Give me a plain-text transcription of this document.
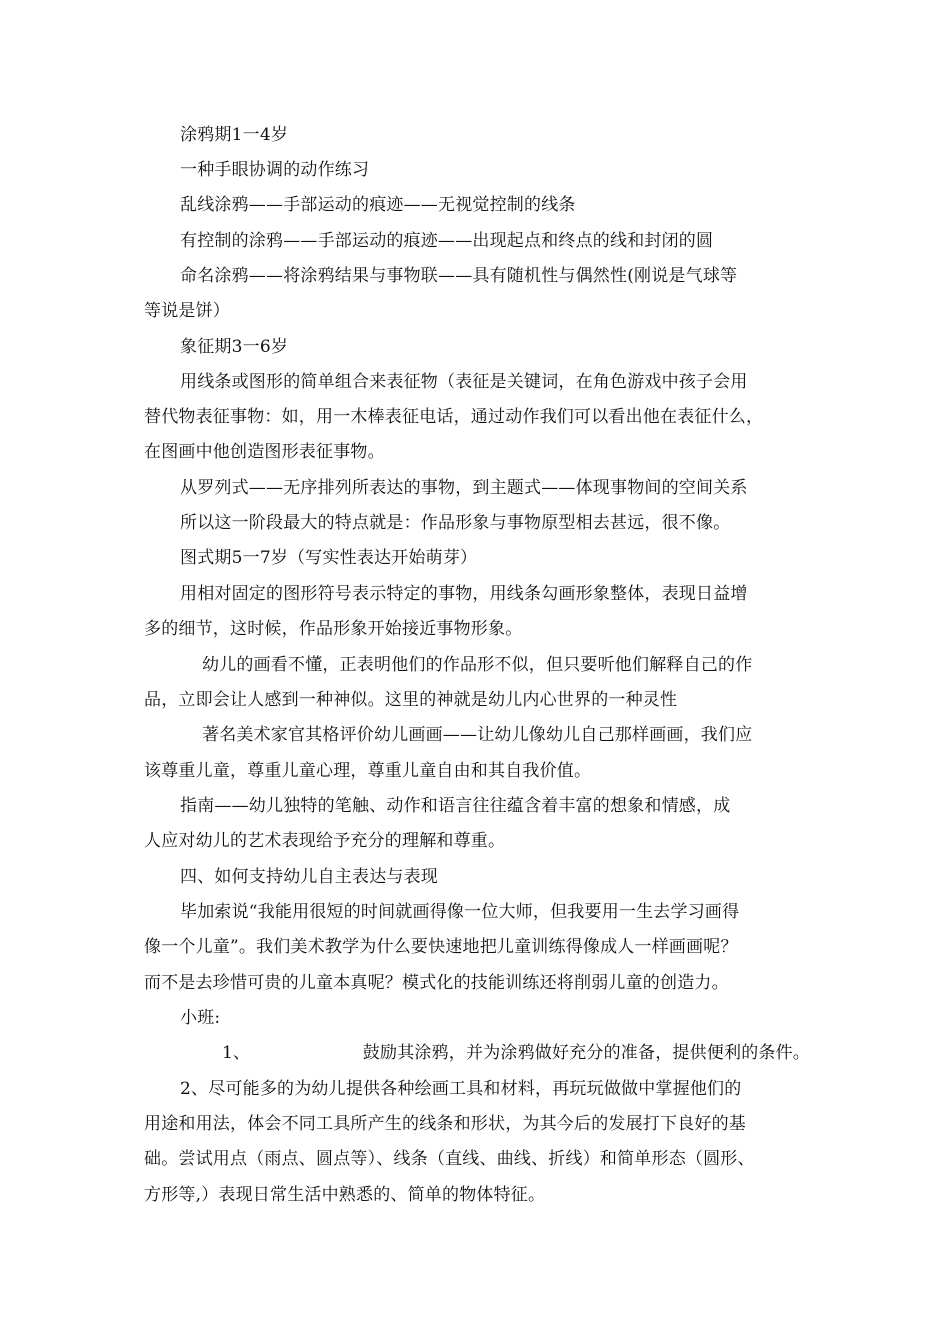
涂鸦期1一4岁
一种手眼协调的动作练习
乱线涂鸦——手部运动的痕迹——无视觉控制的线条
有控制的涂鸦——手部运动的痕迹——出现起点和终点的线和封闭的圆
命名涂鸦——将涂鸦结果与事物联——具有随机性与偶然性(刚说是气球等
等说是饼）
象征期3一6岁
用线条或图形的简单组合来表征物（表征是关键词，在角色游戏中孩子会用
替代物表征事物：如，用一木棒表征电话，通过动作我们可以看出他在表征什么，
在图画中他创造图形表征事物。
从罗列式——无序排列所表达的事物，到主题式——体现事物间的空间关系
所以这一阶段最大的特点就是：作品形象与事物原型相去甚远，很不像。
图式期5一7岁（写实性表达开始萌芽）
用相对固定的图形符号表示特定的事物，用线条勾画形象整体，表现日益增
多的细节，这时候，作品形象开始接近事物形象。
幼儿的画看不懂，正表明他们的作品形不似，但只要听他们解释自己的作
品，立即会让人感到一种神似。这里的神就是幼儿内心世界的一种灵性
著名美术家官其格评价幼儿画画——让幼儿像幼儿自己那样画画，我们应
该尊重儿童，尊重儿童心理，尊重儿童自由和其自我价值。
指南——幼儿独特的笔触、动作和语言往往蕴含着丰富的想象和情感，成
人应对幼儿的艺术表现给予充分的理解和尊重。
四、如何支持幼儿自主表达与表现
毕加索说“我能用很短的时间就画得像一位大师，但我要用一生去学习画得
像一个儿童”。我们美术教学为什么要快速地把儿童训练得像成人一样画画呢？
而不是去珍惜可贵的儿童本真呢？模式化的技能训练还将削弱儿童的创造力。
小班:
1、	鼓励其涂鸦，并为涂鸦做好充分的准备，提供便利的条件。
2、尽可能多的为幼儿提供各种绘画工具和材料，再玩玩做做中掌握他们的
用途和用法，体会不同工具所产生的线条和形状，为其今后的发展打下良好的基
础。尝试用点（雨点、圆点等）、线条（直线、曲线、折线）和简单形态（圆形、
方形等,）表现日常生活中熟悉的、简单的物体特征。
